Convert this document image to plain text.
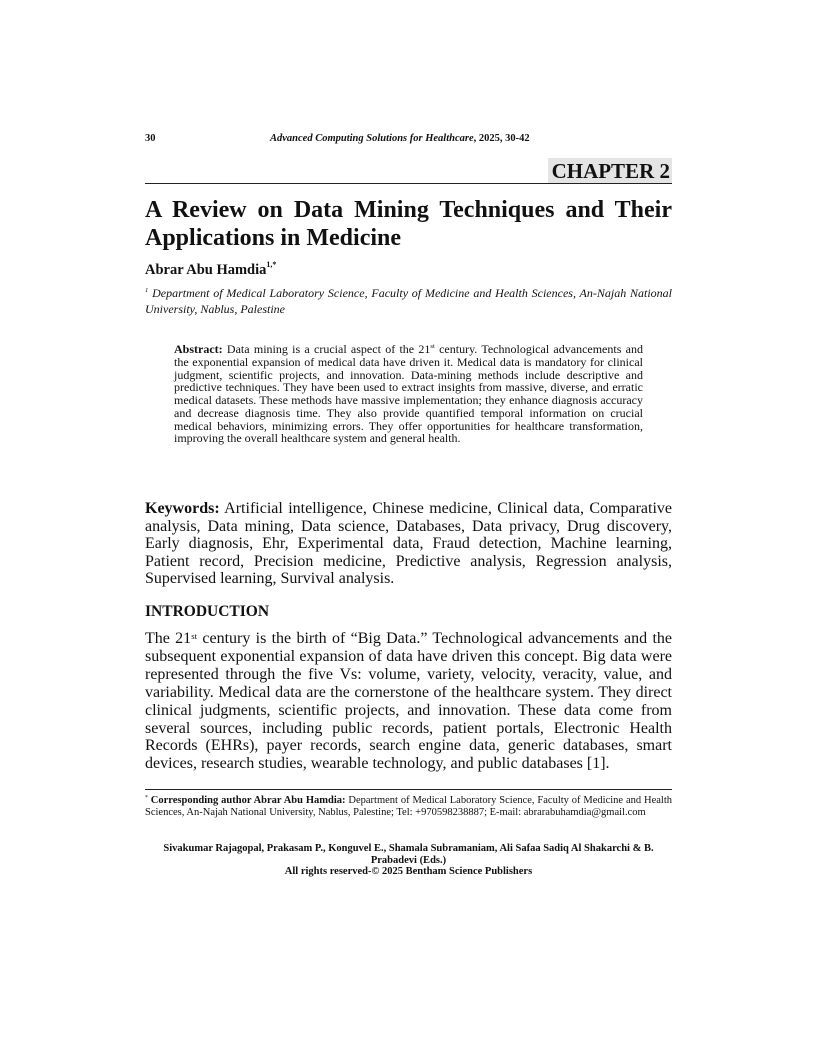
30	Advanced Computing Solutions for Healthcare, 2025, 30-42
CHAPTER 2
A Review on Data Mining Techniques and Their Applications in Medicine
Abrar Abu Hamdia$^{1,*}$
$^1$ Department of Medical Laboratory Science, Faculty of Medicine and Health Sciences, An-Najah National University, Nablus, Palestine
Abstract: Data mining is a crucial aspect of the 21st century. Technological advancements and the exponential expansion of medical data have driven it. Medical data is mandatory for clinical judgment, scientific projects, and innovation. Data-mining methods include descriptive and predictive techniques. They have been used to extract insights from massive, diverse, and erratic medical datasets. These methods have massive implementation; they enhance diagnosis accuracy and decrease diagnosis time. They also provide quantified temporal information on crucial medical behaviors, minimizing errors. They offer opportunities for healthcare transformation, improving the overall healthcare system and general health.
Keywords: Artificial intelligence, Chinese medicine, Clinical data, Comparative analysis, Data mining, Data science, Databases, Data privacy, Drug discovery, Early diagnosis, Ehr, Experimental data, Fraud detection, Machine learning, Patient record, Precision medicine, Predictive analysis, Regression analysis, Supervised learning, Survival analysis.
INTRODUCTION
The 21st century is the birth of “Big Data.” Technological advancements and the subsequent exponential expansion of data have driven this concept. Big data were represented through the five Vs: volume, variety, velocity, veracity, value, and variability. Medical data are the cornerstone of the healthcare system. They direct clinical judgments, scientific projects, and innovation. These data come from several sources, including public records, patient portals, Electronic Health Records (EHRs), payer records, search engine data, generic databases, smart devices, research studies, wearable technology, and public databases [1].
* Corresponding author Abrar Abu Hamdia: Department of Medical Laboratory Science, Faculty of Medicine and Health Sciences, An-Najah National University, Nablus, Palestine; Tel: +970598238887; E-mail: abrarabuhamdia@gmail.com
Sivakumar Rajagopal, Prakasam P., Konguvel E., Shamala Subramaniam, Ali Safaa Sadiq Al Shakarchi & B. Prabadevi (Eds.)
All rights reserved-© 2025 Bentham Science Publishers
